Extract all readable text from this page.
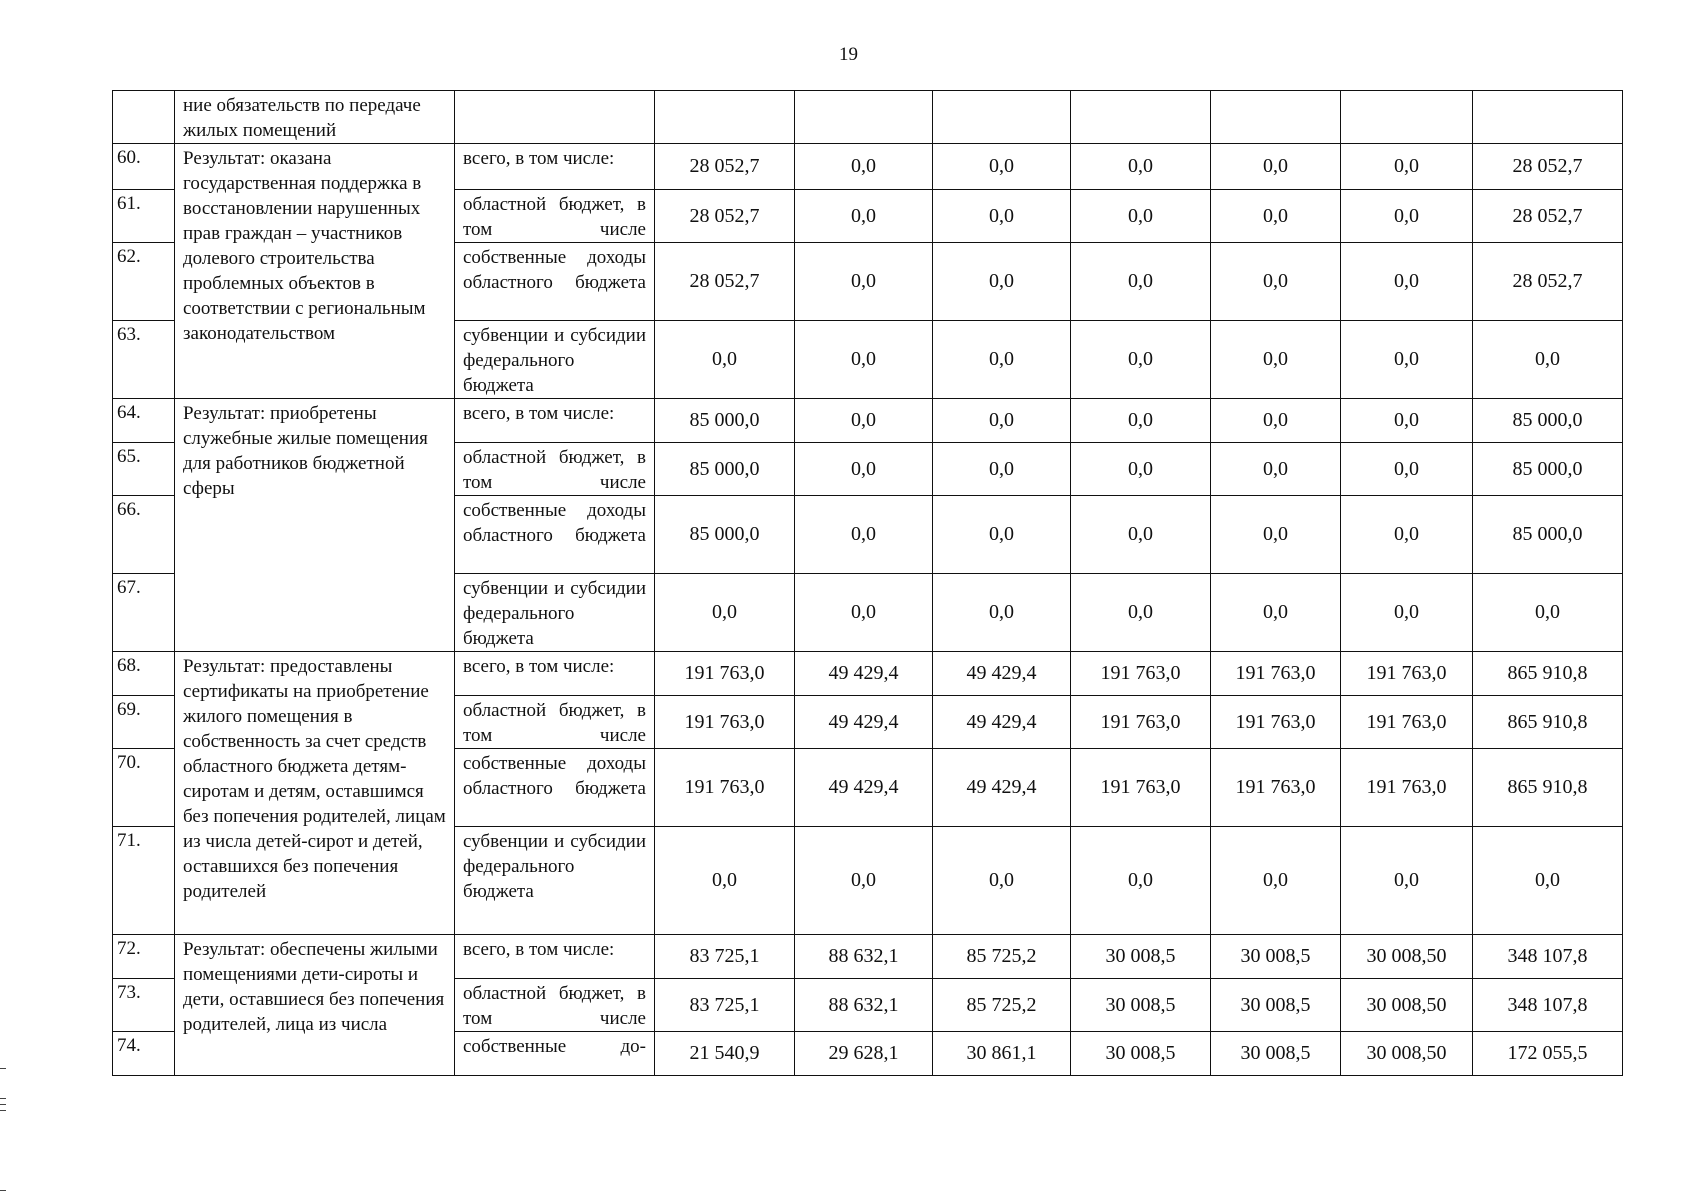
19
	ние обязательств по передаче жилых помещений								
60.	Результат: оказана государственная поддержка в восстановлении нарушенных прав граждан – участников долевого строительства проблемных объектов в соответствии с региональным законодательством	всего, в том числе:	28 052,7	0,0	0,0	0,0	0,0	0,0	28 052,7
61.		областной бюджет, в том числе	28 052,7	0,0	0,0	0,0	0,0	0,0	28 052,7
62.		собственные доходы областного бюджета	28 052,7	0,0	0,0	0,0	0,0	0,0	28 052,7
63.		субвенции и субсидии федерального бюджета	0,0	0,0	0,0	0,0	0,0	0,0	0,0
64.	Результат: приобретены служебные жилые помещения для работников бюджетной сферы	всего, в том числе:	85 000,0	0,0	0,0	0,0	0,0	0,0	85 000,0
65.		областной бюджет, в том числе	85 000,0	0,0	0,0	0,0	0,0	0,0	85 000,0
66.		собственные доходы областного бюджета	85 000,0	0,0	0,0	0,0	0,0	0,0	85 000,0
67.		субвенции и субсидии федерального бюджета	0,0	0,0	0,0	0,0	0,0	0,0	0,0
68.	Результат: предоставлены сертификаты на приобретение жилого помещения в собственность за счет средств областного бюджета детям-сиротам и детям, оставшимся без попечения родителей, лицам из числа детей-сирот и детей, оставшихся без попечения родителей	всего, в том числе:	191 763,0	49 429,4	49 429,4	191 763,0	191 763,0	191 763,0	865 910,8
69.		областной бюджет, в том числе	191 763,0	49 429,4	49 429,4	191 763,0	191 763,0	191 763,0	865 910,8
70.		собственные доходы областного бюджета	191 763,0	49 429,4	49 429,4	191 763,0	191 763,0	191 763,0	865 910,8
71.		субвенции и субсидии федерального бюджета	0,0	0,0	0,0	0,0	0,0	0,0	0,0
72.	Результат: обеспечены жилыми помещениями дети-сироты и дети, оставшиеся без попечения родителей, лица из числа	всего, в том числе:	83 725,1	88 632,1	85 725,2	30 008,5	30 008,5	30 008,50	348 107,8
73.		областной бюджет, в том числе	83 725,1	88 632,1	85 725,2	30 008,5	30 008,5	30 008,50	348 107,8
74.		собственные до-	21 540,9	29 628,1	30 861,1	30 008,5	30 008,5	30 008,50	172 055,5
